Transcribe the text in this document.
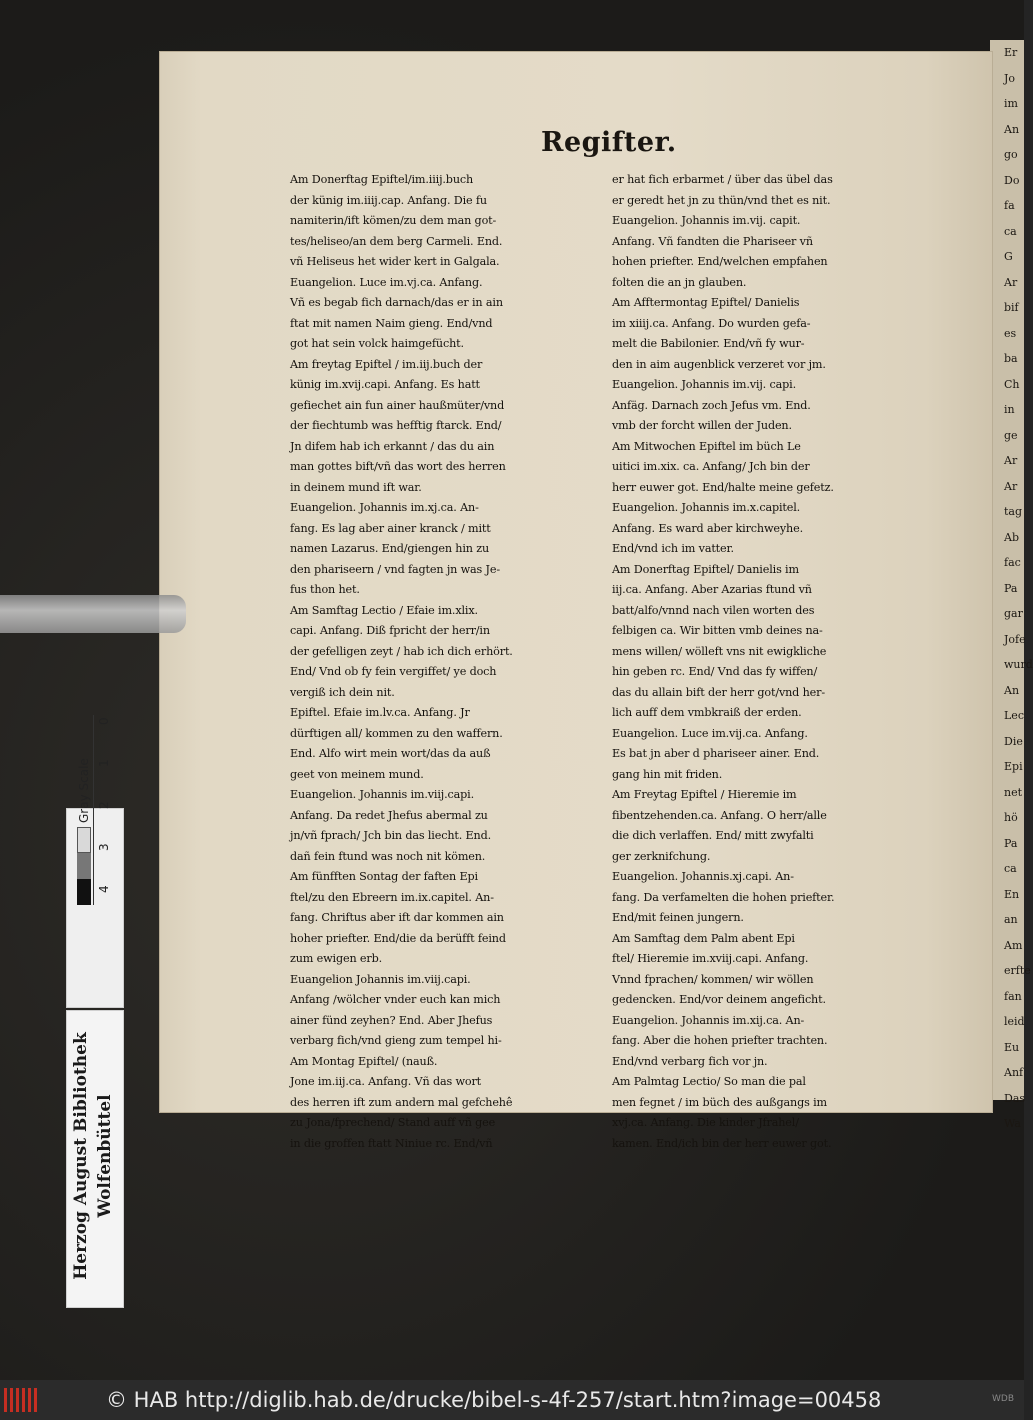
Er
Jo
im
An
go
Do
fa
ca
G
Ar
bif
es
ba
Ch
in
ge
Ar
Ar
tag
Ab
fac
Pa
gar
Jofe
wurd
An
Lec
Die
Epi
net
hö
Pa
ca
En
an
Am
erfte
fan
leid
Eu
Anf
Das
Wa
Regifter.

Am Donerftag Epiftel/im.iiij.buch

der künig im.iiij.cap. Anfang. Die fu

namiterin/ift kömen/zu dem man got-

tes/heliseo/an dem berg Carmeli. End.

vñ Heliseus het wider kert in Galgala.

Euangelion. Luce im.vj.ca. Anfang.

Vñ es begab fich darnach/das er in ain

ftat mit namen Naim gieng. End/vnd

got hat sein volck haimgefücht.

Am freytag Epiftel / im.iij.buch der

künig im.xvij.capi. Anfang. Es hatt

gefiechet ain fun ainer haußmüter/vnd

der fiechtumb was hefftig ftarck. End/

Jn difem hab ich erkannt / das du ain

man gottes bift/vñ das wort des herren

in deinem mund ift war.

Euangelion. Johannis im.xj.ca. An-

fang. Es lag aber ainer kranck / mitt

namen Lazarus. End/giengen hin zu

den phariseern / vnd fagten jn was Je-

fus thon het.

Am Samftag Lectio / Efaie im.xlix.

capi. Anfang. Diß fpricht der herr/in

der gefelligen zeyt / hab ich dich erhört.

End/ Vnd ob fy fein vergiffet/ ye doch

vergiß ich dein nit.

Epiftel. Efaie im.lv.ca. Anfang. Jr

dürftigen all/ kommen zu den waffern.

End. Alfo wirt mein wort/das da auß

geet von meinem mund.

Euangelion. Johannis im.viij.capi.

Anfang. Da redet Jhefus abermal zu

jn/vñ fprach/ Jch bin das liecht. End.

dañ fein ftund was noch nit kömen.

Am fünfften Sontag der faften Epi

ftel/zu den Ebreern im.ix.capitel. An-

fang. Chriftus aber ift dar kommen ain

hoher priefter. End/die da berüfft feind

zum ewigen erb.

Euangelion Johannis im.viij.capi.

Anfang /wölcher vnder euch kan mich

ainer fünd zeyhen? End. Aber Jhefus

verbarg fich/vnd gieng zum tempel hi-

Am Montag Epiftel/ (nauß.

Jone im.iij.ca. Anfang. Vñ das wort

des herren ift zum andern mal gefchehê

zu Jona/fprechend/ Stand auff vñ gee

in die groffen ftatt Niniue rc. End/vñ

er hat fich erbarmet / über das übel das

er geredt het jn zu thün/vnd thet es nit.

Euangelion. Johannis im.vij. capit.

Anfang. Vñ fandten die Phariseer vñ

hohen priefter. End/welchen empfahen

folten die an jn glauben.

Am Afftermontag Epiftel/ Danielis

im xiiij.ca. Anfang. Do wurden gefa-

melt die Babilonier. End/vñ fy wur-

den in aim augenblick verzeret vor jm.

Euangelion. Johannis im.vij. capi.

Anfäg. Darnach zoch Jefus vm. End.

vmb der forcht willen der Juden.

Am Mitwochen Epiftel im büch Le

uitici im.xix. ca. Anfang/ Jch bin der

herr euwer got. End/halte meine gefetz.

Euangelion. Johannis im.x.capitel.

Anfang. Es ward aber kirchweyhe.

End/vnd ich im vatter.

Am Donerftag Epiftel/ Danielis im

iij.ca. Anfang. Aber Azarias ftund vñ

batt/alfo/vnnd nach vilen worten des

felbigen ca. Wir bitten vmb deines na-

mens willen/ wölleft vns nit ewigkliche

hin geben rc. End/ Vnd das fy wiffen/

das du allain bift der herr got/vnd her-

lich auff dem vmbkraiß der erden.

Euangelion. Luce im.vij.ca. Anfang.

Es bat jn aber d phariseer ainer. End.

gang hin mit friden.

Am Freytag Epiftel / Hieremie im

fibentzehenden.ca. Anfang. O herr/alle

die dich verlaffen. End/ mitt zwyfalti

ger zerknifchung.

Euangelion. Johannis.xj.capi. An-

fang. Da verfamelten die hohen priefter.

End/mit feinen jungern.

Am Samftag dem Palm abent Epi

ftel/ Hieremie im.xviij.capi. Anfang.

Vnnd fprachen/ kommen/ wir wöllen

gedencken. End/vor deinem angeficht.

Euangelion. Johannis im.xij.ca. An-

fang. Aber die hohen priefter trachten.

End/vnd verbarg fich vor jn.

Am Palmtag Lectio/ So man die pal

men fegnet / im büch des außgangs im

xvj.ca. Anfang. Die kinder Jfrahel/

kamen. End/ich bin der herr euwer got.

Gray Scale
0
1
2
3
4

Herzog August Bibliothek Wolfenbüttel

© HAB http://diglib.hab.de/drucke/bibel-s-4f-257/start.htm?image=00458	WDB
